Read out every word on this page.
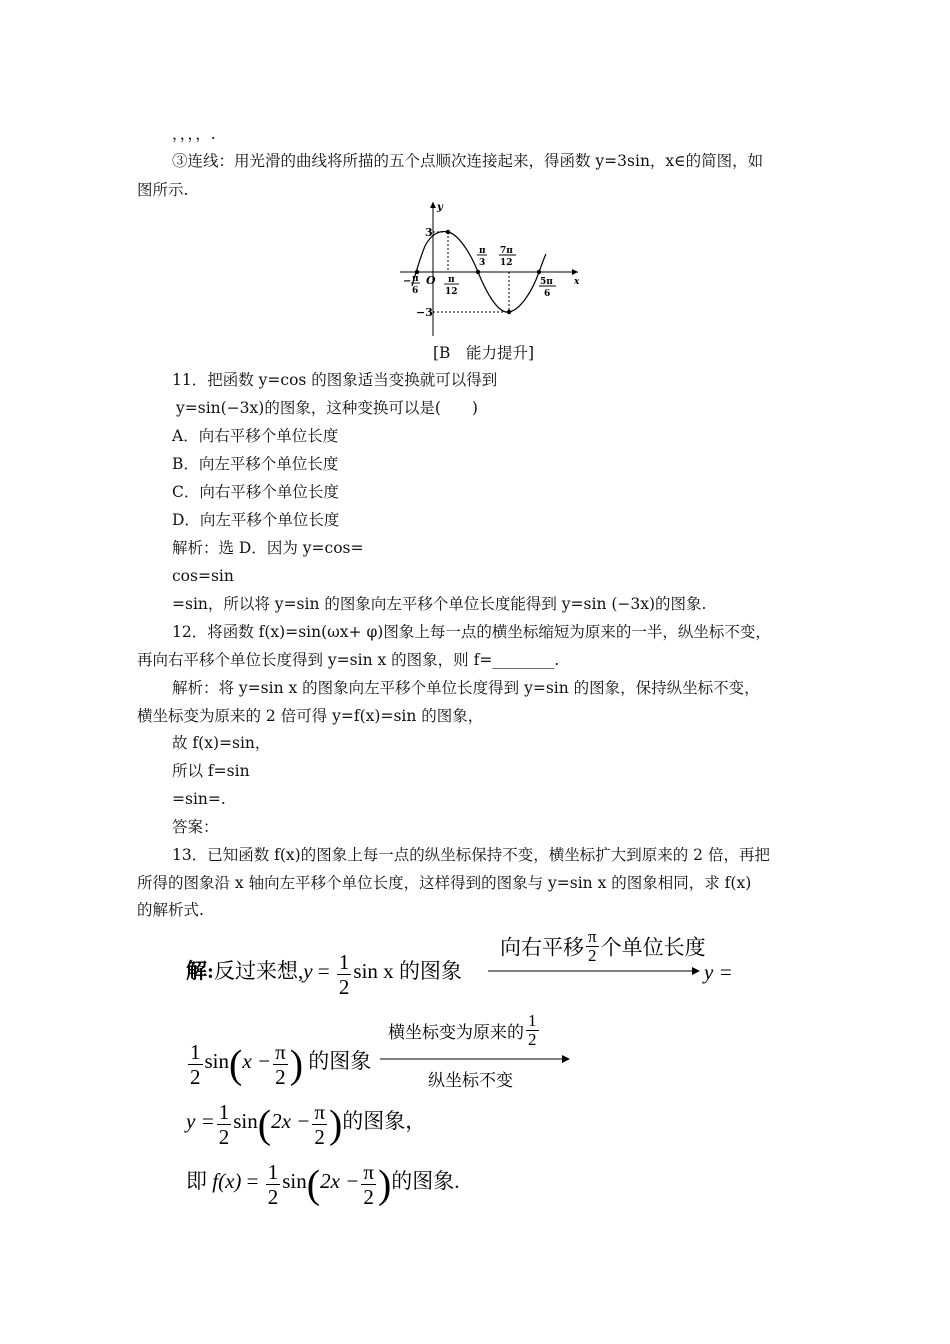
，，，，.
③连线：用光滑的曲线将所描的五个点顺次连接起来，得函数 y=3sin，x∈的简图，如
图所示.
y
x
3
−3
O
− π
6
π
12
π
3
7π
12
5π
6
[B　能力提升]
11．把函数 y=cos 的图象适当变换就可以得到
y=sin(−3x)的图象，这种变换可以是(　　)
A．向右平移个单位长度
B．向左平移个单位长度
C．向右平移个单位长度
D．向左平移个单位长度
解析：选 D．因为 y=cos=
cos=sin
=sin，所以将 y=sin 的图象向左平移个单位长度能得到 y=sin (−3x)的图象.
12．将函数 f(x)=sin(ωx+ φ)图象上每一点的横坐标缩短为原来的一半，纵坐标不变，
再向右平移个单位长度得到 y=sin x 的图象，则 f=________.
解析：将 y=sin x 的图象向左平移个单位长度得到 y=sin 的图象，保持纵坐标不变，
横坐标变为原来的 2 倍可得 y=f(x)=sin 的图象，
故 f(x)=sin，
所以 f=sin
=sin=.
答案：
13．已知函数 f(x)的图象上每一点的纵坐标保持不变，横坐标扩大到原来的 2 倍，再把
所得的图象沿 x 轴向左平移个单位长度，这样得到的图象与 y=sin x 的图象相同，求 f(x)
的解析式.
解:反过来想$,y = \frac{1}{2}$ sin x 的图象
向右平移 $\frac{\pi}{2}$ 个单位长度
y =
$\frac{1}{2} \sin(x - \frac{\pi}{2}$ ) 的图象
横坐标变为原来的 $\frac{1}{2}$
纵坐标不变
$y = \frac{1}{2} \sin(2x - \frac{\pi}{2}$ )的图象，
即 $f(x) = \frac{1}{2} \sin(2x - \frac{\pi}{2}$ )的图象.
